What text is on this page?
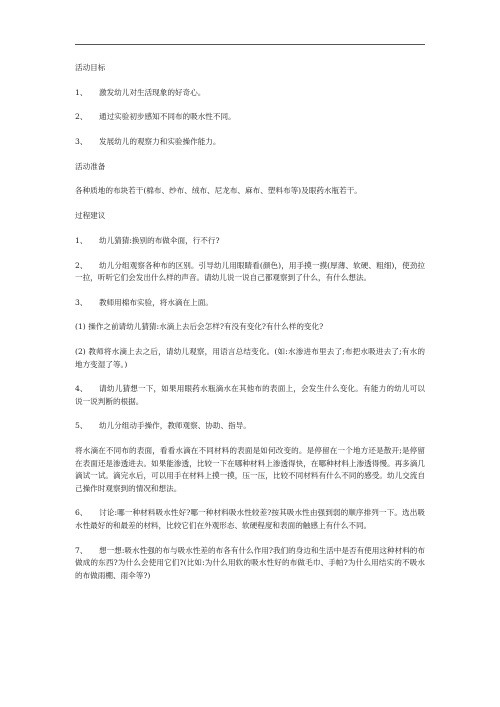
活动目标

1、 激发幼儿对生活现象的好奇心。

2、 通过实验初步感知不同布的吸水性不同。

3、 发展幼儿的观察力和实验操作能力。

活动准备

各种质地的布块若干(棉布、纱布、绒布、尼龙布、麻布、塑料布等)及眼药水瓶若干。

过程建议

1、 幼儿猜猜:换别的布做伞面，行不行?

2、 幼儿分组观察各种布的区别。引导幼儿用眼睛看(颜色)，用手摸一摸(厚薄、软硬、粗细)，使劲拉一拉，听听它们会发出什么样的声音。请幼儿说一说自己都观察到了什么，有什么想法。

3、 教师用棉布实验，将水滴在上面。

(1) 操作之前请幼儿猜猜:水滴上去后会怎样?有没有变化?有什么样的变化?

(2) 教师将水滴上去之后，请幼儿观察，用语言总结变化。(如:水渗进布里去了;布把水吸进去了;有水的地方变湿了等。)

4、 请幼儿猜想一下，如果用眼药水瓶滴水在其他布的表面上，会发生什么变化。有能力的幼儿可以说一说判断的根据。

5、 幼儿分组动手操作，教师观察、协助、指导。

将水滴在不同布的表面，看看水滴在不同材料的表面是如何改变的。是停留在一个地方还是散开;是停留在表面还是渗透进去。如果能渗透，比较一下在哪种材料上渗透得快，在哪种材料上渗透得慢。再多滴几滴试一试。滴完水后，可以用手在材料上摸一摸，压一压，比较不同材料有什么不同的感受。幼儿交流自己操作时观察到的情况和想法。

6、 讨论:哪一种材料吸水性好?哪一种材料吸水性较差?按其吸水性由强到弱的顺序排列一下。选出吸水性最好的和最差的材料，比较它们在外观形态、软硬程度和表面的触感上有什么不同。

7、 想一想:吸水性强的布与吸水性差的布各有什么作用?我们的身边和生活中是否有使用这种材料的布做成的东西?为什么会使用它们?(比如:为什么用软的吸水性好的布做毛巾、手帕?为什么用结实的不吸水的布做雨棚、雨伞等?)
